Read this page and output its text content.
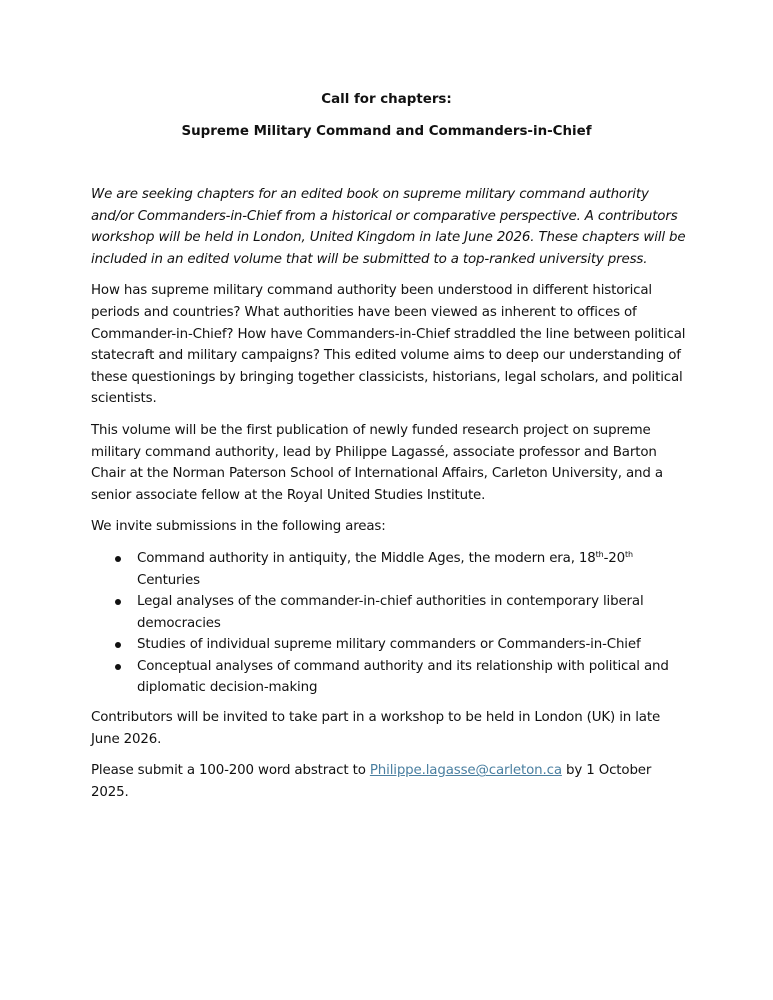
Call for chapters:
Supreme Military Command and Commanders-in-Chief

We are seeking chapters for an edited book on supreme military command authority and/or Commanders-in-Chief from a historical or comparative perspective. A contributors workshop will be held in London, United Kingdom in late June 2026. These chapters will be included in an edited volume that will be submitted to a top-ranked university press.

How has supreme military command authority been understood in different historical periods and countries? What authorities have been viewed as inherent to offices of Commander-in-Chief? How have Commanders-in-Chief straddled the line between political statecraft and military campaigns? This edited volume aims to deep our understanding of these questionings by bringing together classicists, historians, legal scholars, and political scientists.

This volume will be the first publication of newly funded research project on supreme military command authority, lead by Philippe Lagassé, associate professor and Barton Chair at the Norman Paterson School of International Affairs, Carleton University, and a senior associate fellow at the Royal United Studies Institute.

We invite submissions in the following areas:

Command authority in antiquity, the Middle Ages, the modern era, 18th-20th Centuries
Legal analyses of the commander-in-chief authorities in contemporary liberal democracies
Studies of individual supreme military commanders or Commanders-in-Chief
Conceptual analyses of command authority and its relationship with political and diplomatic decision-making

Contributors will be invited to take part in a workshop to be held in London (UK) in late June 2026.

Please submit a 100-200 word abstract to Philippe.lagasse@carleton.ca by 1 October 2025.
